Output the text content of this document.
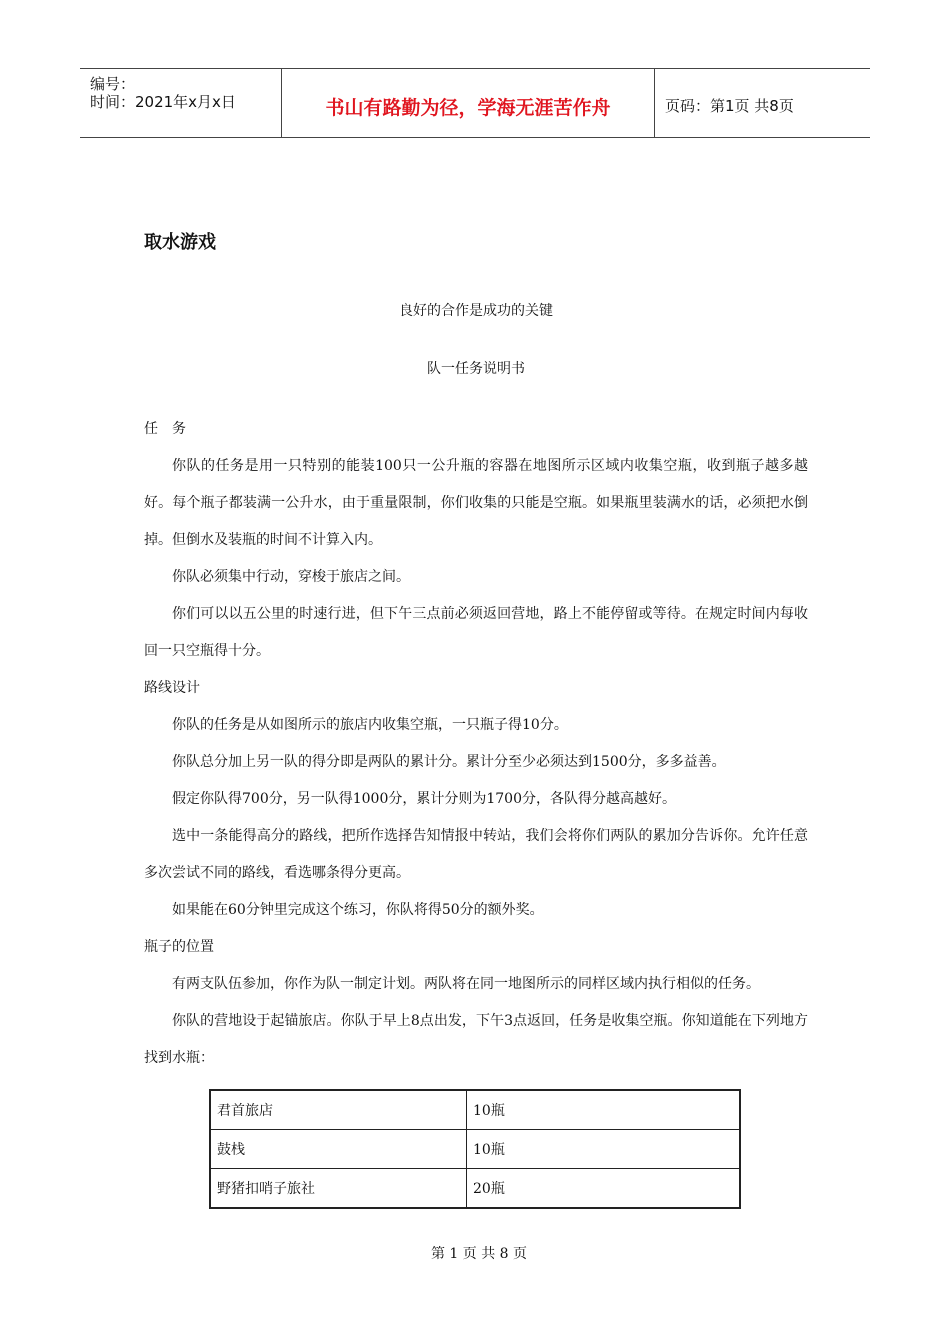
编号：
时间：2021年x月x日	书山有路勤为径，学海无涯苦作舟	页码：第1页 共8页
取水游戏
良好的合作是成功的关键
队一任务说明书
任　务

你队的任务是用一只特别的能装100只一公升瓶的容器在地图所示区域内收集空瓶，收到瓶子越多越好。每个瓶子都装满一公升水，由于重量限制，你们收集的只能是空瓶。如果瓶里装满水的话，必须把水倒掉。但倒水及装瓶的时间不计算入内。

你队必须集中行动，穿梭于旅店之间。

你们可以以五公里的时速行进，但下午三点前必须返回营地，路上不能停留或等待。在规定时间内每收回一只空瓶得十分。

路线设计

你队的任务是从如图所示的旅店内收集空瓶，一只瓶子得10分。

你队总分加上另一队的得分即是两队的累计分。累计分至少必须达到1500分，多多益善。

假定你队得700分，另一队得1000分，累计分则为1700分，各队得分越高越好。

选中一条能得高分的路线，把所作选择告知情报中转站，我们会将你们两队的累加分告诉你。允许任意多次尝试不同的路线，看选哪条得分更高。

如果能在60分钟里完成这个练习，你队将得50分的额外奖。

瓶子的位置

有两支队伍参加，你作为队一制定计划。两队将在同一地图所示的同样区域内执行相似的任务。

你队的营地设于起锚旅店。你队于早上8点出发，下午3点返回，任务是收集空瓶。你知道能在下列地方找到水瓶：

君首旅店	10瓶
鼓栈	10瓶
野猪扣哨子旅社	20瓶
第 1 页 共 8 页
